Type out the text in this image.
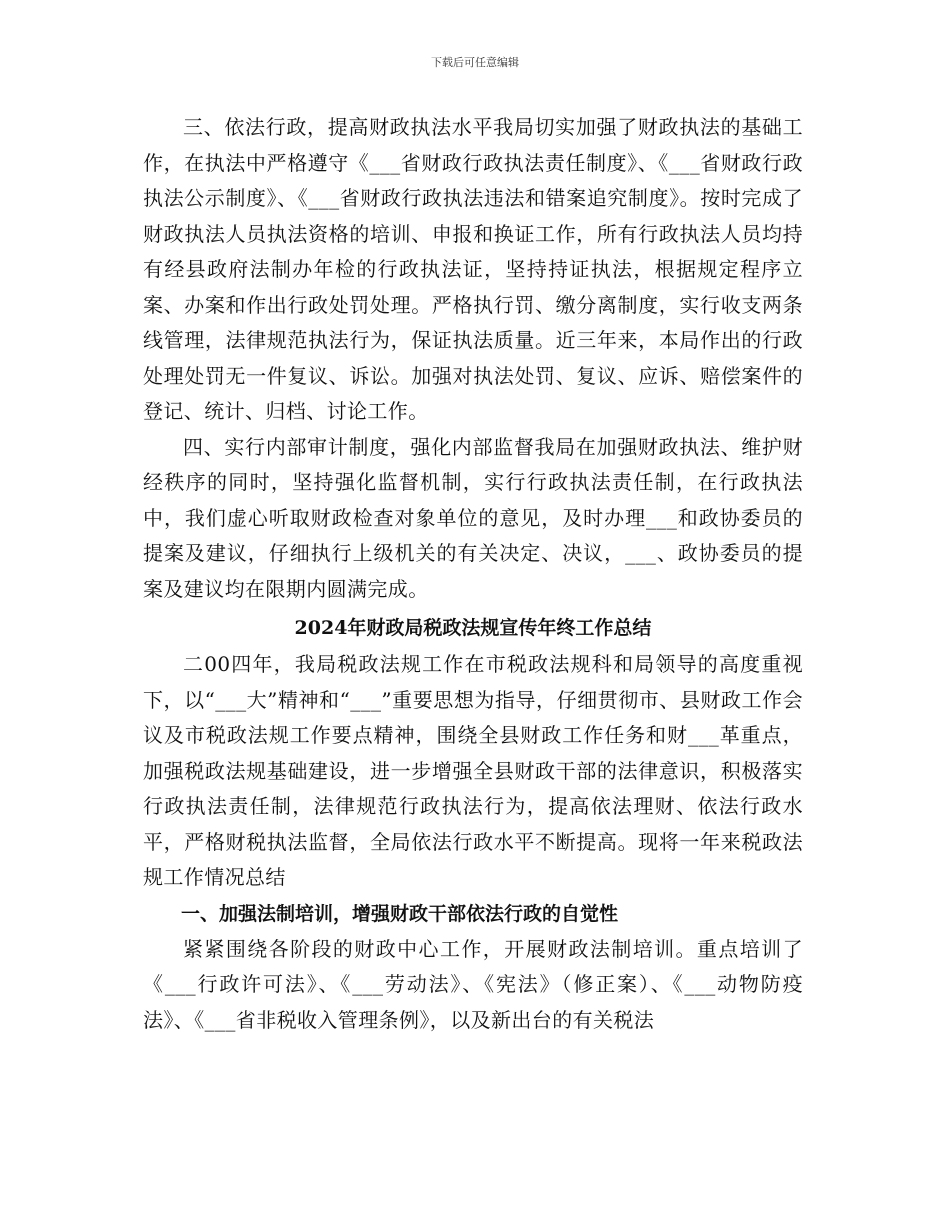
下载后可任意编辑

三、依法行政，提高财政执法水平我局切实加强了财政执法的基础工作，在执法中严格遵守《___省财政行政执法责任制度》、《___省财政行政执法公示制度》、《___省财政行政执法违法和错案追究制度》。按时完成了财政执法人员执法资格的培训、申报和换证工作，所有行政执法人员均持有经县政府法制办年检的行政执法证，坚持持证执法，根据规定程序立案、办案和作出行政处罚处理。严格执行罚、缴分离制度，实行收支两条线管理，法律规范执法行为，保证执法质量。近三年来，本局作出的行政处理处罚无一件复议、诉讼。加强对执法处罚、复议、应诉、赔偿案件的登记、统计、归档、讨论工作。

四、实行内部审计制度，强化内部监督我局在加强财政执法、维护财经秩序的同时，坚持强化监督机制，实行行政执法责任制，在行政执法中，我们虚心听取财政检查对象单位的意见，及时办理___和政协委员的提案及建议，仔细执行上级机关的有关决定、决议，___、政协委员的提案及建议均在限期内圆满完成。

2024年财政局税政法规宣传年终工作总结

二00四年，我局税政法规工作在市税政法规科和局领导的高度重视下，以“___大”精神和“___”重要思想为指导，仔细贯彻市、县财政工作会议及市税政法规工作要点精神，围绕全县财政工作任务和财___革重点，加强税政法规基础建设，进一步增强全县财政干部的法律意识，积极落实行政执法责任制，法律规范行政执法行为，提高依法理财、依法行政水平，严格财税执法监督，全局依法行政水平不断提高。现将一年来税政法规工作情况总结

一、加强法制培训，增强财政干部依法行政的自觉性

紧紧围绕各阶段的财政中心工作，开展财政法制培训。重点培训了《___行政许可法》、《___劳动法》、《宪法》（修正案）、《___动物防疫法》、《___省非税收入管理条例》，以及新出台的有关税法
